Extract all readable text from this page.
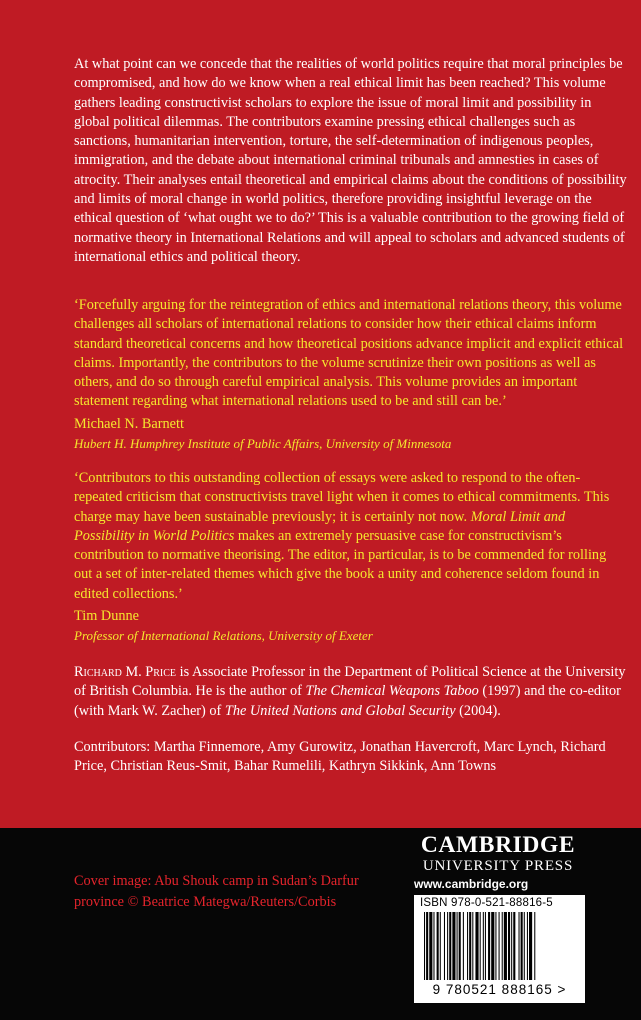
At what point can we concede that the realities of world politics require that moral principles be compromised, and how do we know when a real ethical limit has been reached? This volume gathers leading constructivist scholars to explore the issue of moral limit and possibility in global political dilemmas. The contributors examine pressing ethical challenges such as sanctions, humanitarian intervention, torture, the self-determination of indigenous peoples, immigration, and the debate about international criminal tribunals and amnesties in cases of atrocity. Their analyses entail theoretical and empirical claims about the conditions of possibility and limits of moral change in world politics, therefore providing insightful leverage on the ethical question of ‘what ought we to do?’ This is a valuable contribution to the growing field of normative theory in International Relations and will appeal to scholars and advanced students of international ethics and political theory.

‘Forcefully arguing for the reintegration of ethics and international relations theory, this volume challenges all scholars of international relations to consider how their ethical claims inform standard theoretical concerns and how theoretical positions advance implicit and explicit ethical claims. Importantly, the contributors to the volume scrutinize their own positions as well as others, and do so through careful empirical analysis. This volume provides an important statement regarding what international relations used to be and still can be.’

Michael N. Barnett

Hubert H. Humphrey Institute of Public Affairs, University of Minnesota

‘Contributors to this outstanding collection of essays were asked to respond to the often-repeated criticism that constructivists travel light when it comes to ethical commitments. This charge may have been sustainable previously; it is certainly not now. Moral Limit and Possibility in World Politics makes an extremely persuasive case for constructivism’s contribution to normative theorising. The editor, in particular, is to be commended for rolling out a set of inter-related themes which give the book a unity and coherence seldom found in edited collections.’

Tim Dunne

Professor of International Relations, University of Exeter

Richard M. Price is Associate Professor in the Department of Political Science at the University of British Columbia. He is the author of The Chemical Weapons Taboo (1997) and the co-editor (with Mark W. Zacher) of The United Nations and Global Security (2004).
Contributors: Martha Finnemore, Amy Gurowitz, Jonathan Havercroft, Marc Lynch, Richard Price, Christian Reus-Smit, Bahar Rumelili, Kathryn Sikkink, Ann Towns
Cover image: Abu Shouk camp in Sudan’s Darfur province © Beatrice Mategwa/Reuters/Corbis
CAMBRIDGE
UNIVERSITY PRESS
www.cambridge.org
ISBN 978-0-521-88816-5
9 780521 888165 >
